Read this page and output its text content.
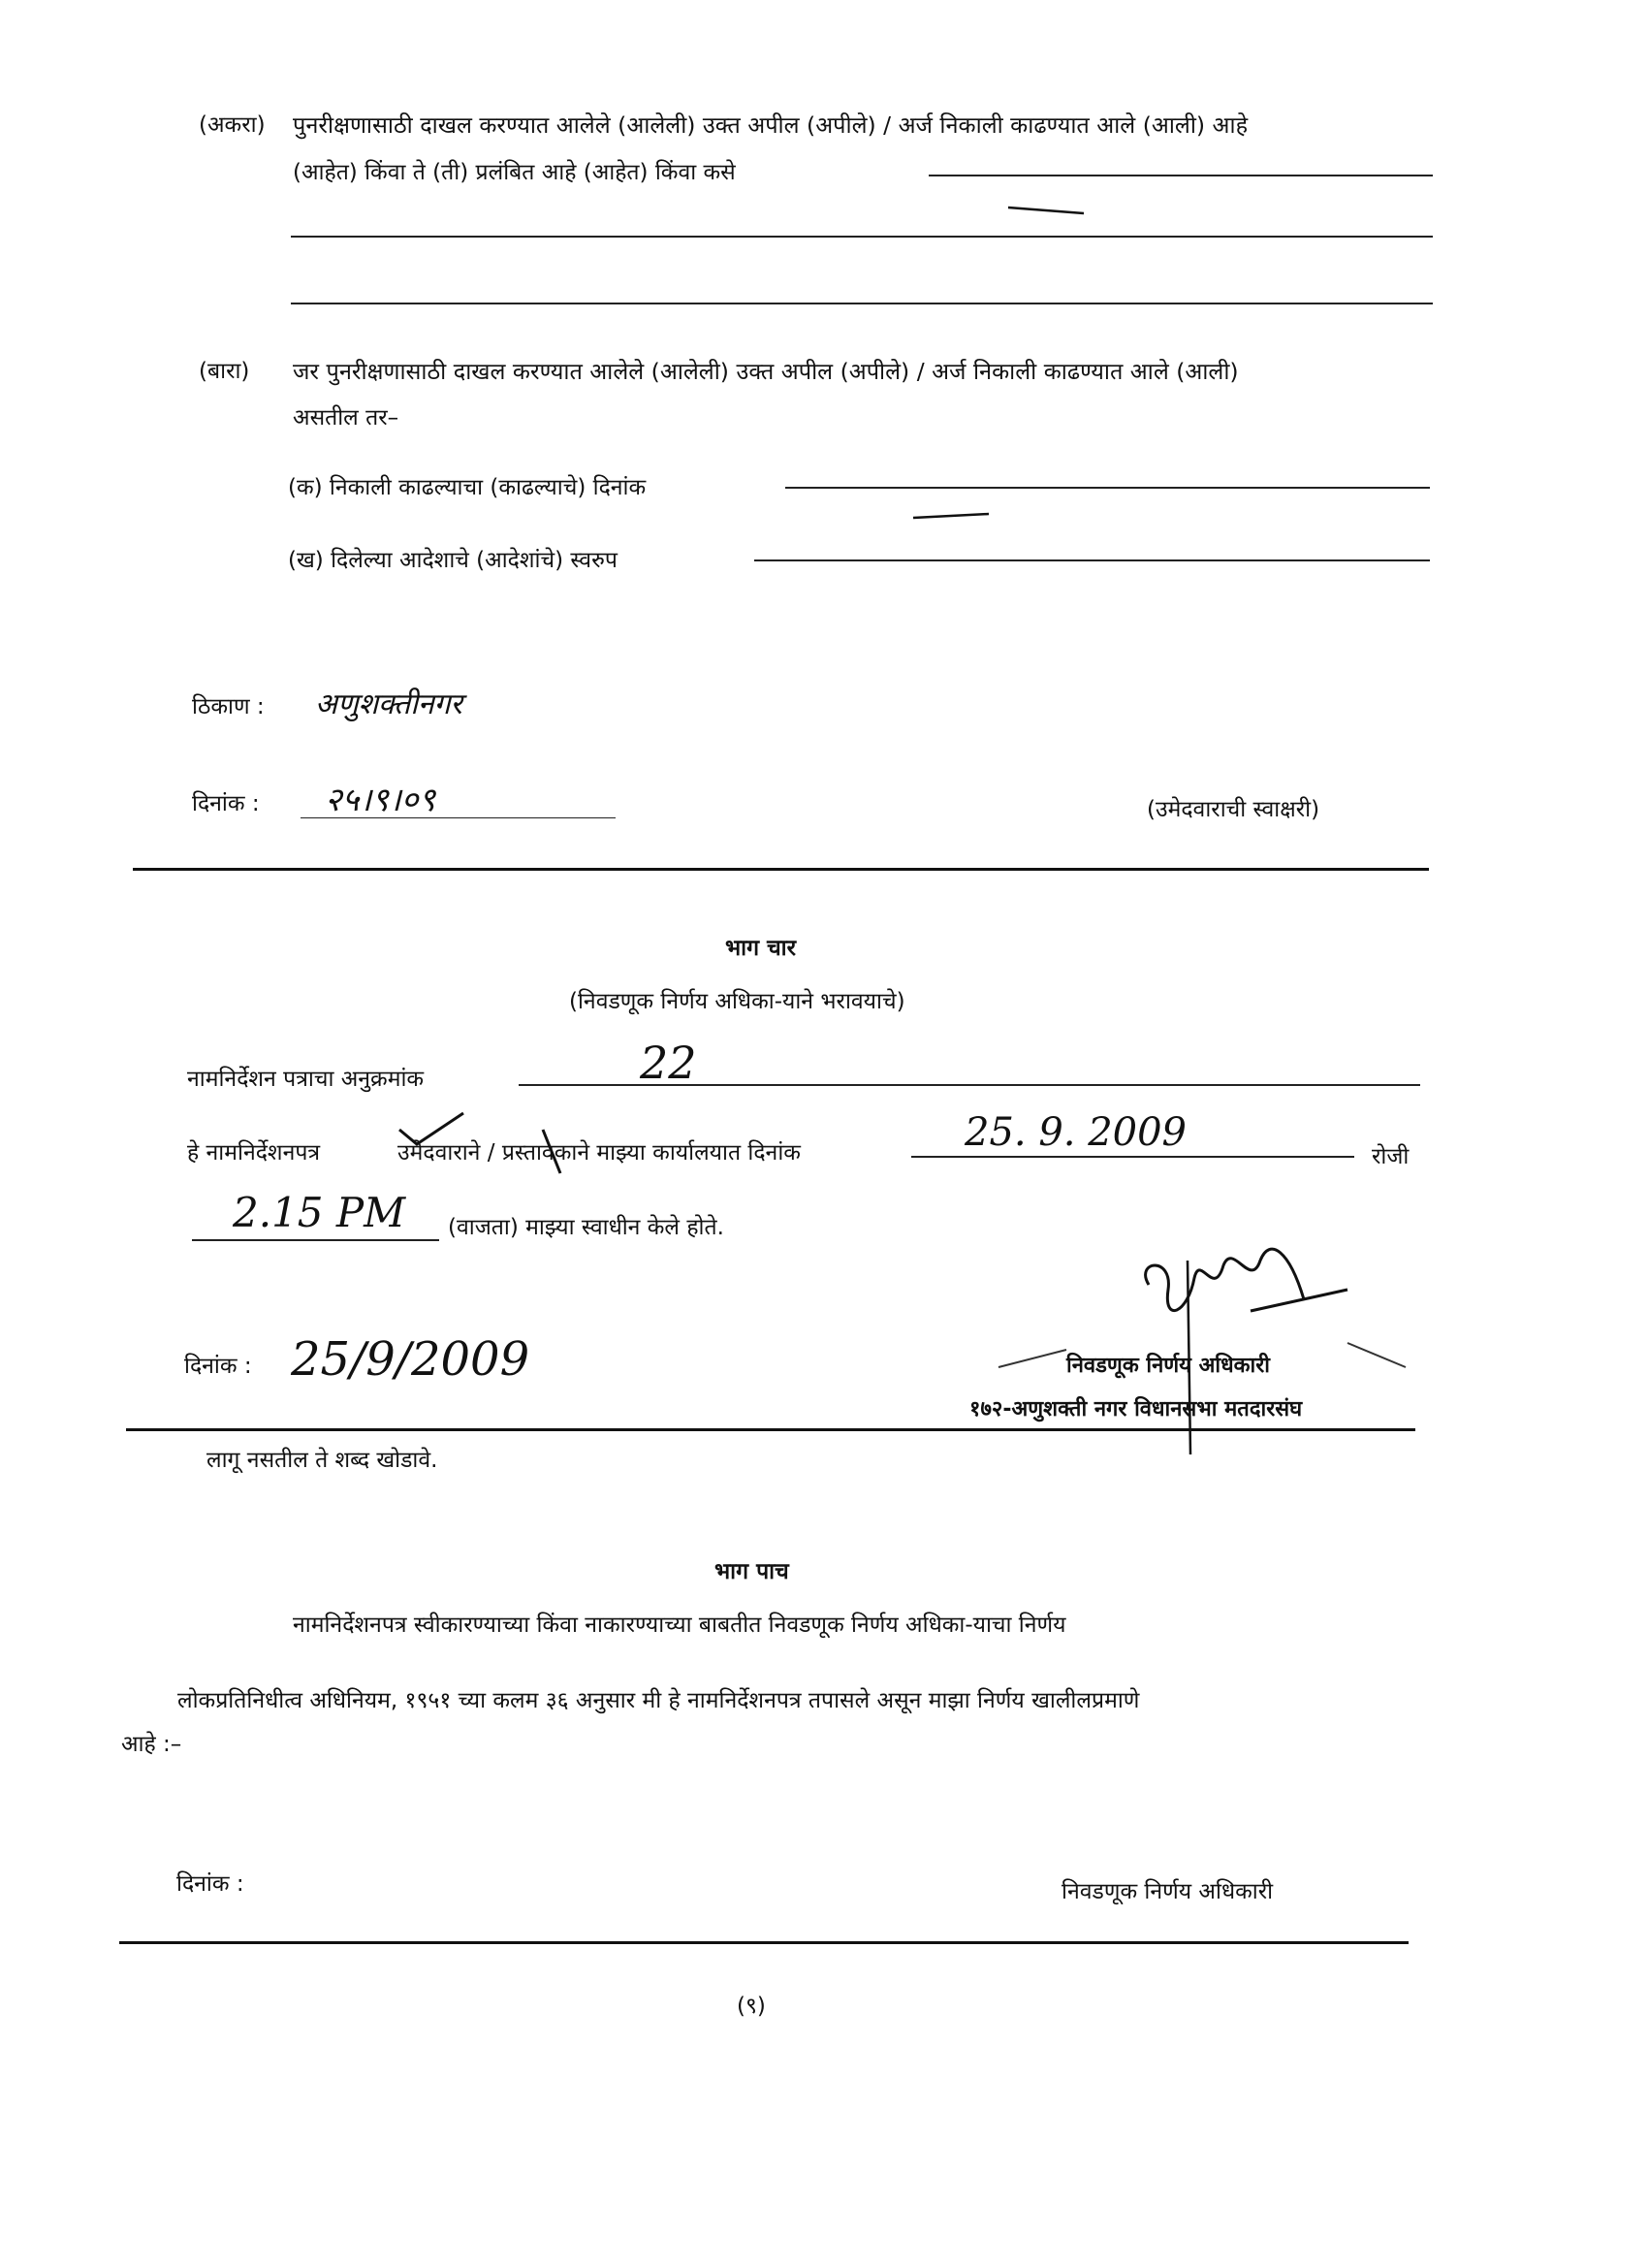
(अकरा) पुनरीक्षणासाठी दाखल करण्यात आलेले (आलेली) उक्त अपील (अपीले) / अर्ज निकाली काढण्यात आले (आली) आहे
(आहेत) किंवा ते (ती) प्रलंबित आहे (आहेत) किंवा कसे
(बारा) जर पुनरीक्षणासाठी दाखल करण्यात आलेले (आलेली) उक्त अपील (अपीले) / अर्ज निकाली काढण्यात आले (आली)
असतील तर–
(क) निकाली काढल्याचा (काढल्याचे) दिनांक
(ख) दिलेल्या आदेशाचे (आदेशांचे) स्वरुप
ठिकाण : अणुशक्तीनगर
दिनांक : २५।९।०९	(उमेदवाराची स्वाक्षरी)
भाग चार
(निवडणूक निर्णय अधिका-याने भरावयाचे)
नामनिर्देशन पत्राचा अनुक्रमांक	22
हे नामनिर्देशनपत्र	उमेदवाराने / प्रस्तावकाने माझ्या कार्यालयात दिनांक	25. 9. 2009
रोजी
2.15 PM (वाजता) माझ्या स्वाधीन केले होते.
दिनांक : 25/9/2009	निवडणूक निर्णय अधिकारी
१७२-अणुशक्ती नगर विधानसभा मतदारसंघ
लागू नसतील ते शब्द खोडावे.
भाग पाच
नामनिर्देशनपत्र स्वीकारण्याच्या किंवा नाकारण्याच्या बाबतीत निवडणूक निर्णय अधिका-याचा निर्णय
लोकप्रतिनिधीत्व अधिनियम, १९५१ च्या कलम ३६ अनुसार मी हे नामनिर्देशनपत्र तपासले असून माझा निर्णय खालीलप्रमाणे
आहे :–
दिनांक :	निवडणूक निर्णय अधिकारी
(९)
